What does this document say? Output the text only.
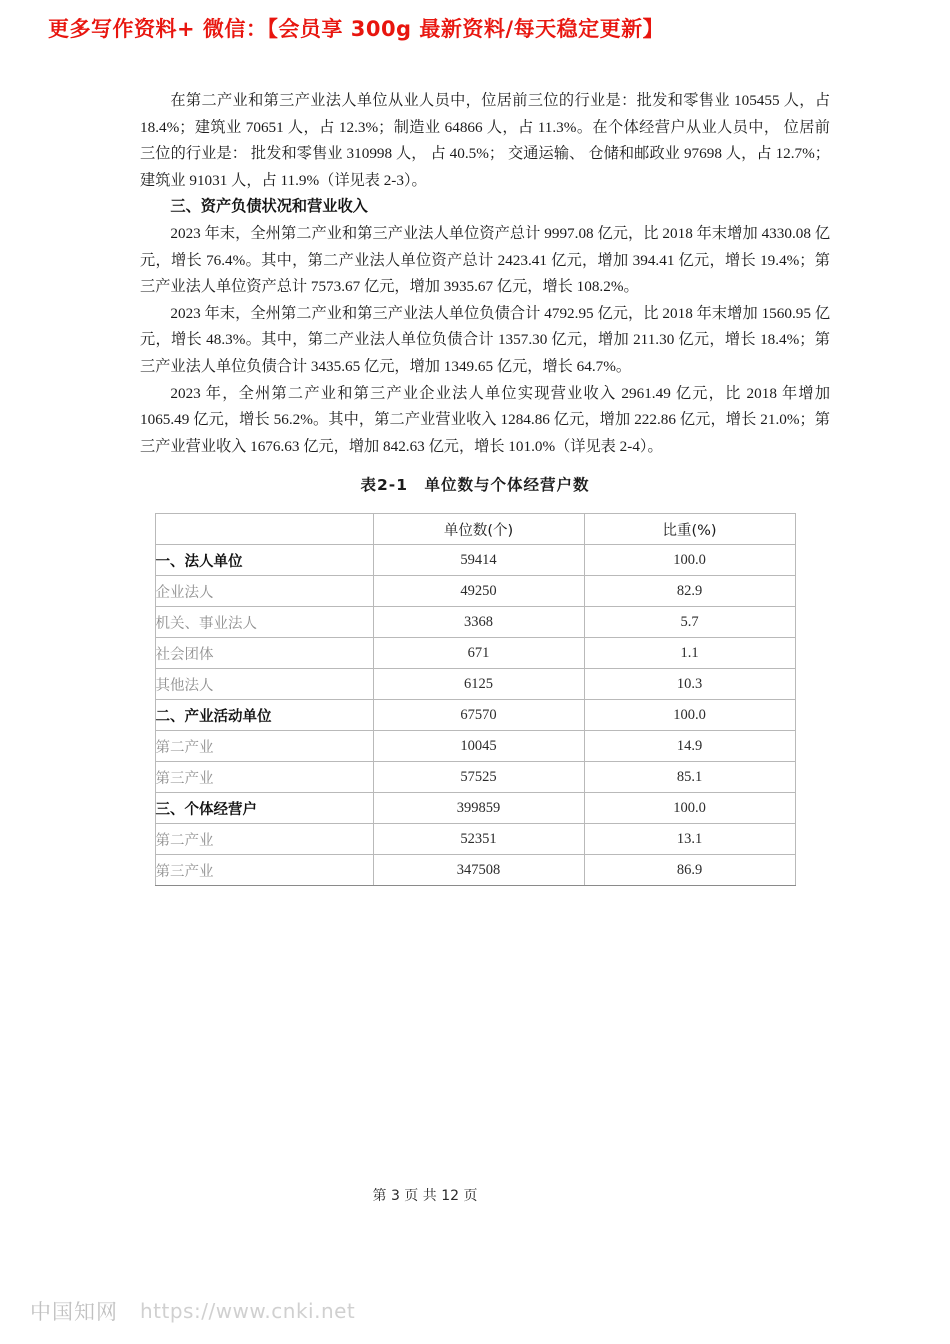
更多写作资料+ 微信：【会员享 300g 最新资料/每天稳定更新】

在第二产业和第三产业法人单位从业人员中，位居前三位的行业是：批发和零售业 105455 人，占 18.4%；建筑业 70651 人，占 12.3%；制造业 64866 人，占 11.3%。在个体经营户从业人员中， 位居前三位的行业是： 批发和零售业 310998 人， 占 40.5%； 交通运输、 仓储和邮政业 97698 人，占 12.7%；建筑业 91031 人，占 11.9%（详见表 2-3）。

三、资产负债状况和营业收入

2023 年末，全州第二产业和第三产业法人单位资产总计 9997.08 亿元，比 2018 年末增加 4330.08 亿元，增长 76.4%。其中，第二产业法人单位资产总计 2423.41 亿元，增加 394.41 亿元，增长 19.4%；第三产业法人单位资产总计 7573.67 亿元，增加 3935.67 亿元，增长 108.2%。

2023 年末，全州第二产业和第三产业法人单位负债合计 4792.95 亿元，比 2018 年末增加 1560.95 亿元，增长 48.3%。其中，第二产业法人单位负债合计 1357.30 亿元，增加 211.30 亿元，增长 18.4%；第三产业法人单位负债合计 3435.65 亿元，增加 1349.65 亿元，增长 64.7%。

2023 年，全州第二产业和第三产业企业法人单位实现营业收入 2961.49 亿元，比 2018 年增加 1065.49 亿元，增长 56.2%。其中，第二产业营业收入 1284.86 亿元，增加 222.86 亿元，增长 21.0%；第三产业营业收入 1676.63 亿元，增加 842.63 亿元，增长 101.0%（详见表 2-4）。

表2-1　单位数与个体经营户数
	单位数(个)	比重(%)
一、法人单位	59414	100.0
企业法人	49250	82.9
机关、事业法人	3368	5.7
社会团体	671	1.1
其他法人	6125	10.3
二、产业活动单位	67570	100.0
第二产业	10045	14.9
第三产业	57525	85.1
三、个体经营户	399859	100.0
第二产业	52351	13.1
第三产业	347508	86.9
第 3 页 共 12 页
中国知网 https://www.cnki.net
